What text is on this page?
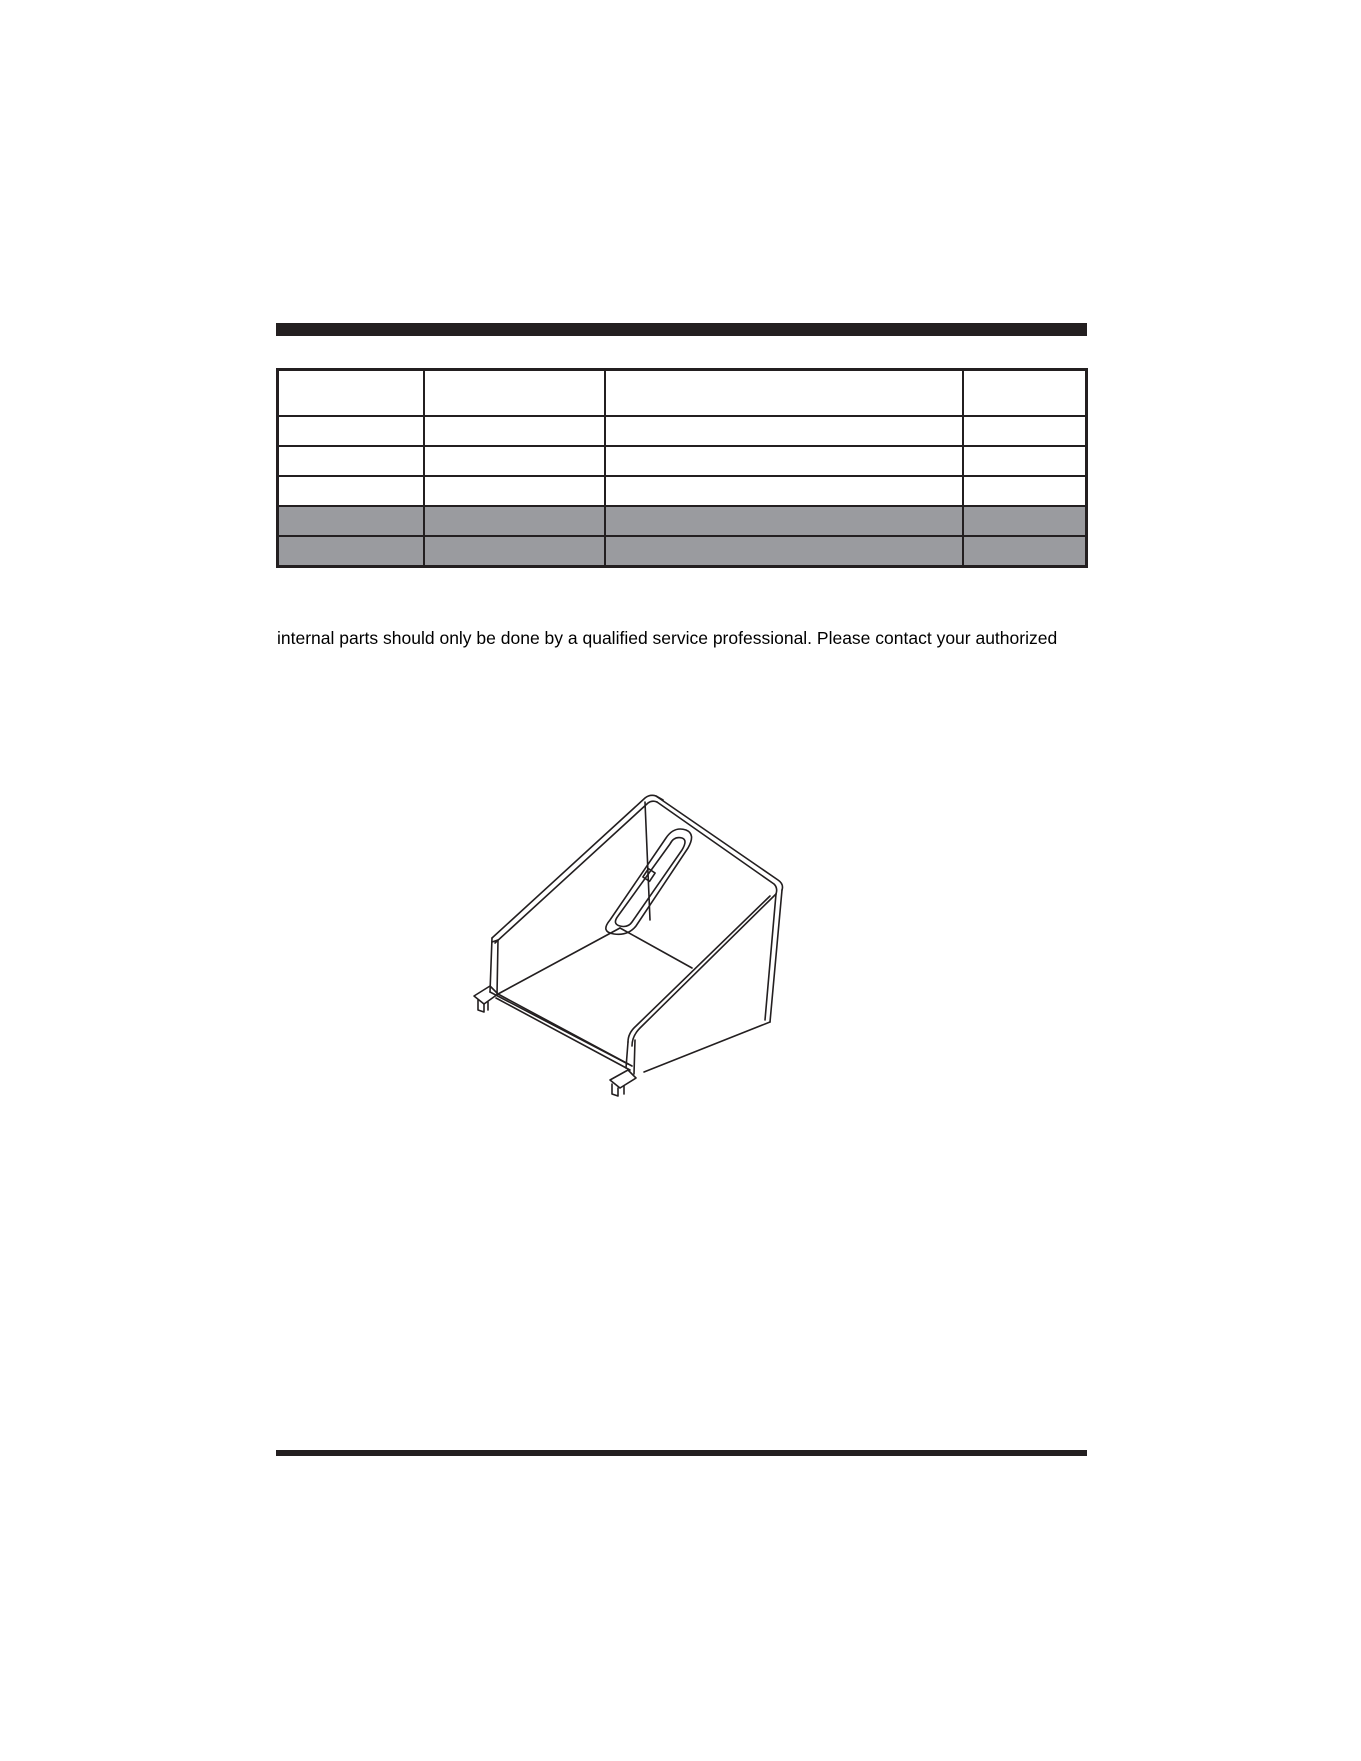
internal parts should only be done by a qualified service professional. Please contact your authorized
